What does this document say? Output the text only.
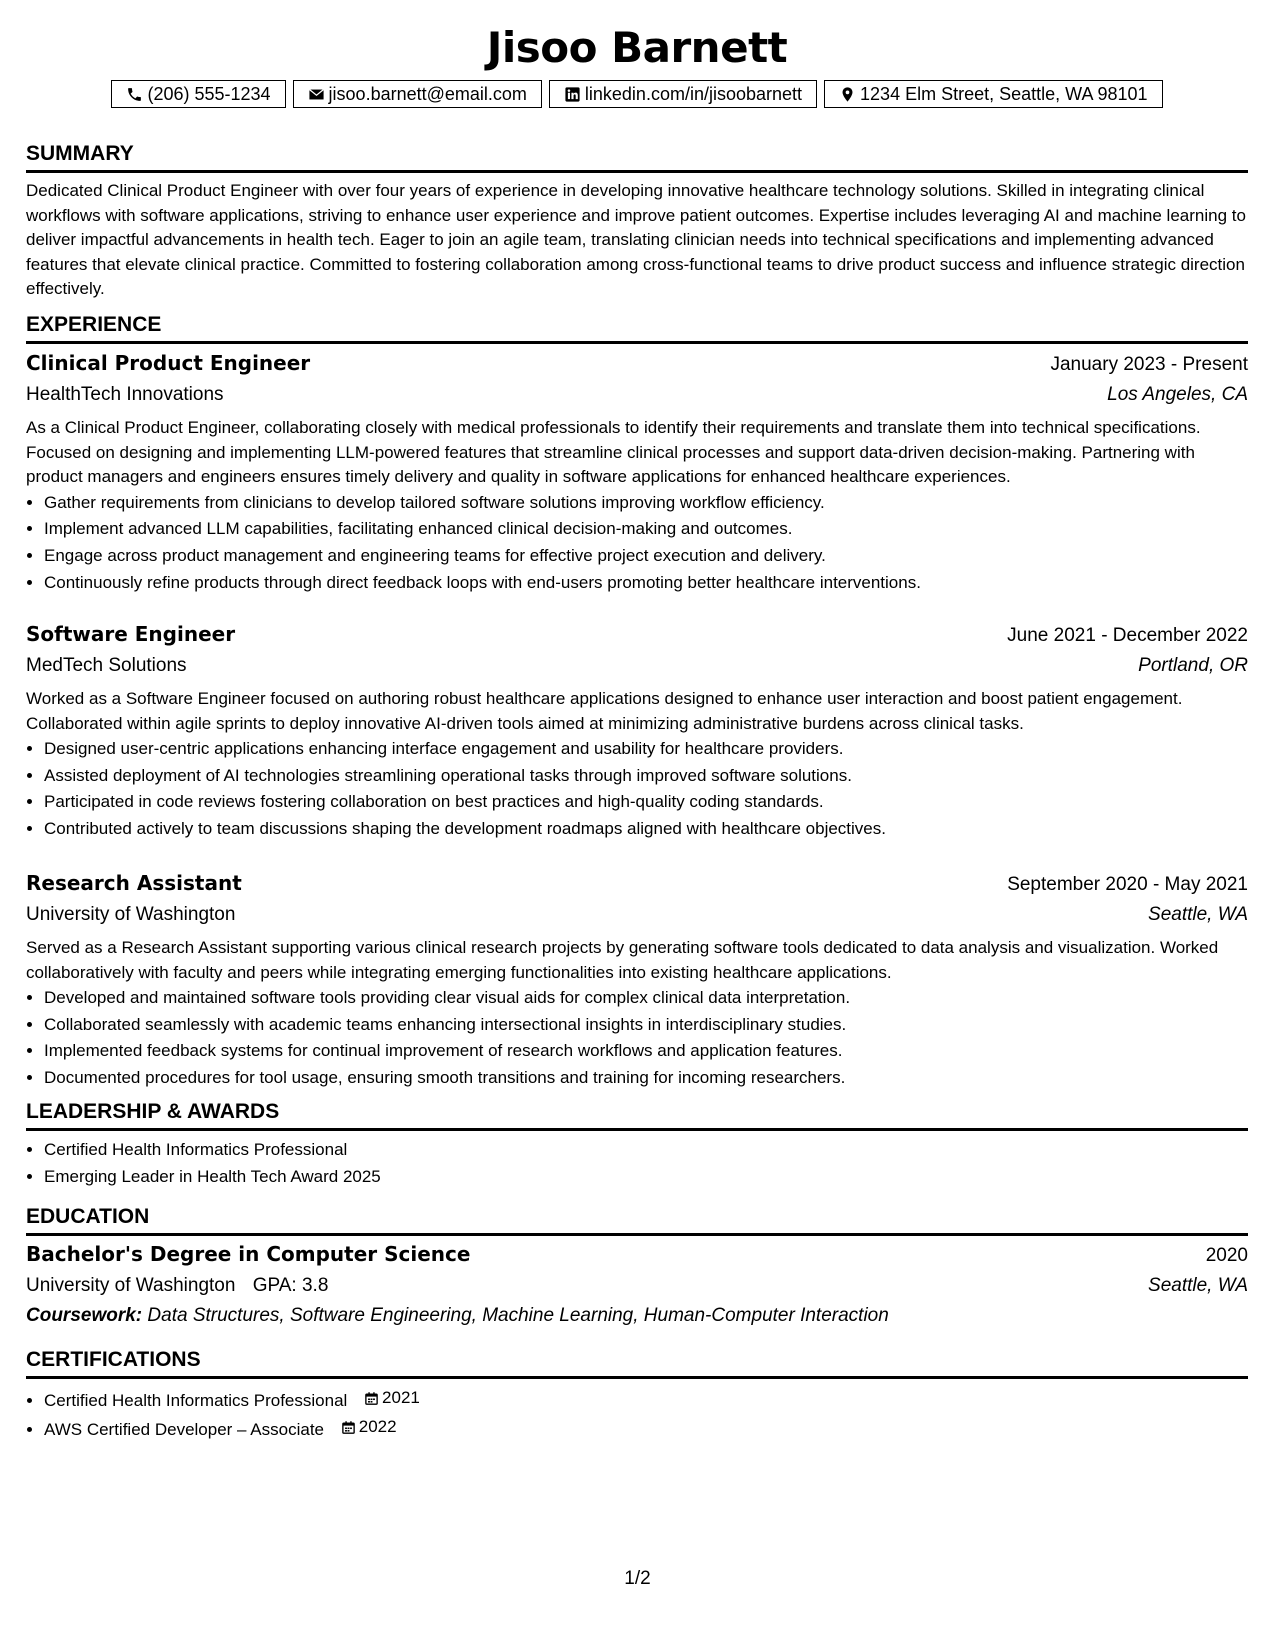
Jisoo Barnett
(206) 555-1234	jisoo.barnett@email.com	linkedin.com/in/jisoobarnett	1234 Elm Street, Seattle, WA 98101
SUMMARY

Dedicated Clinical Product Engineer with over four years of experience in developing innovative healthcare technology solutions. Skilled in integrating clinical workflows with software applications, striving to enhance user experience and improve patient outcomes. Expertise includes leveraging AI and machine learning to deliver impactful advancements in health tech. Eager to join an agile team, translating clinician needs into technical specifications and implementing advanced features that elevate clinical practice. Committed to fostering collaboration among cross-functional teams to drive product success and influence strategic direction effectively.

EXPERIENCE
Clinical Product Engineer	January 2023 - Present
HealthTech Innovations	Los Angeles, CA

As a Clinical Product Engineer, collaborating closely with medical professionals to identify their requirements and translate them into technical specifications. Focused on designing and implementing LLM-powered features that streamline clinical processes and support data-driven decision-making. Partnering with product managers and engineers ensures timely delivery and quality in software applications for enhanced healthcare experiences.

• Gather requirements from clinicians to develop tailored software solutions improving workflow efficiency.
• Implement advanced LLM capabilities, facilitating enhanced clinical decision-making and outcomes.
• Engage across product management and engineering teams for effective project execution and delivery.
• Continuously refine products through direct feedback loops with end-users promoting better healthcare interventions.
Software Engineer	June 2021 - December 2022
MedTech Solutions	Portland, OR

Worked as a Software Engineer focused on authoring robust healthcare applications designed to enhance user interaction and boost patient engagement. Collaborated within agile sprints to deploy innovative AI-driven tools aimed at minimizing administrative burdens across clinical tasks.

• Designed user-centric applications enhancing interface engagement and usability for healthcare providers.
• Assisted deployment of AI technologies streamlining operational tasks through improved software solutions.
• Participated in code reviews fostering collaboration on best practices and high-quality coding standards.
• Contributed actively to team discussions shaping the development roadmaps aligned with healthcare objectives.
Research Assistant	September 2020 - May 2021
University of Washington	Seattle, WA

Served as a Research Assistant supporting various clinical research projects by generating software tools dedicated to data analysis and visualization. Worked collaboratively with faculty and peers while integrating emerging functionalities into existing healthcare applications.

• Developed and maintained software tools providing clear visual aids for complex clinical data interpretation.
• Collaborated seamlessly with academic teams enhancing intersectional insights in interdisciplinary studies.
• Implemented feedback systems for continual improvement of research workflows and application features.
• Documented procedures for tool usage, ensuring smooth transitions and training for incoming researchers.
LEADERSHIP & AWARDS
• Certified Health Informatics Professional
• Emerging Leader in Health Tech Award 2025
EDUCATION
Bachelor's Degree in Computer Science	2020
University of Washington GPA: 3.8	Seattle, WA
Coursework: Data Structures, Software Engineering, Machine Learning, Human-Computer Interaction
CERTIFICATIONS
• Certified Health Informatics Professional 2021
• AWS Certified Developer – Associate 2022
1/2
